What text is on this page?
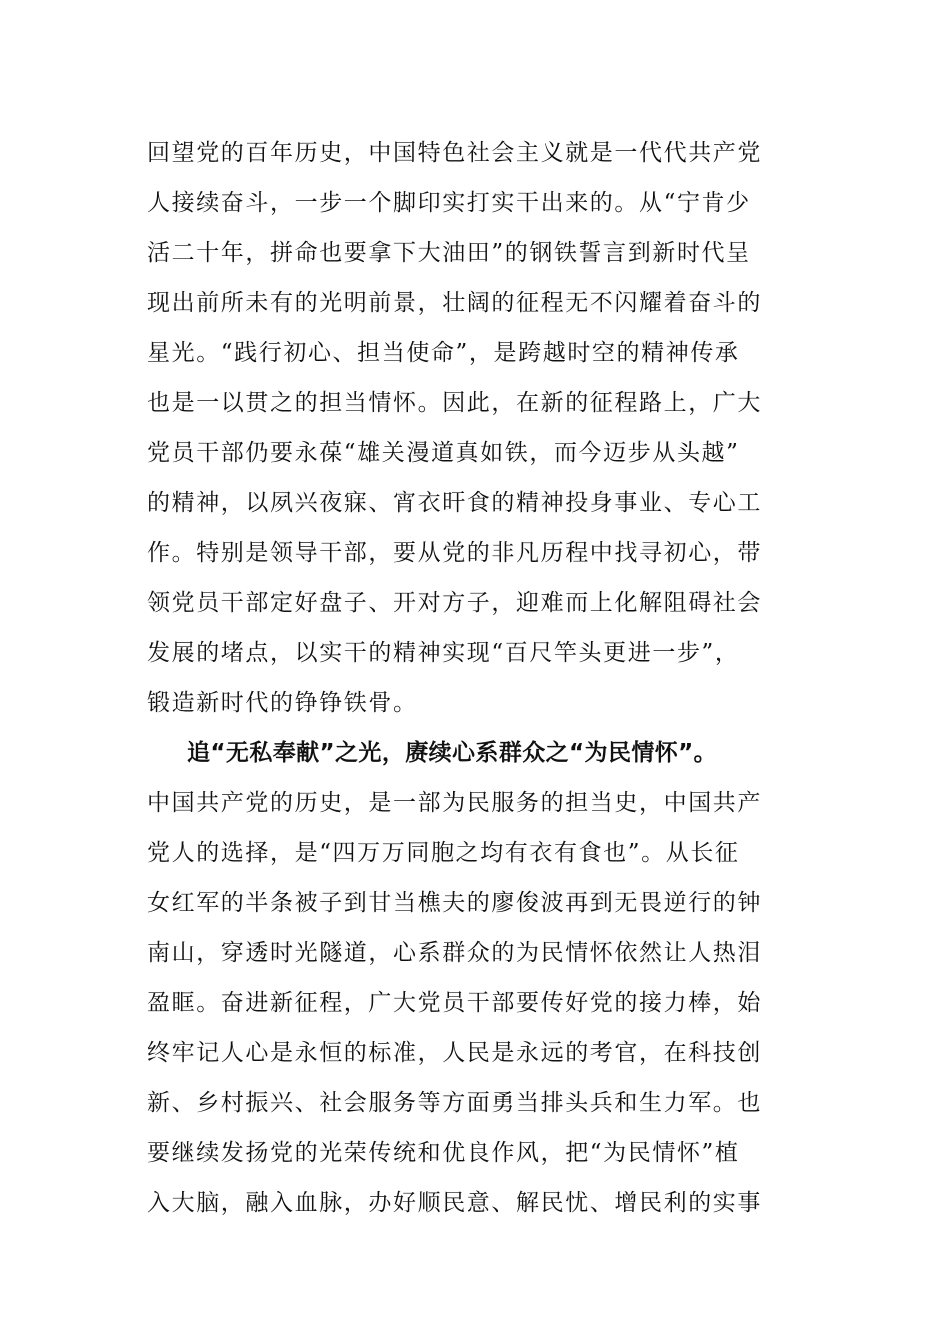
回望党的百年历史，中国特色社会主义就是一代代共产党
人接续奋斗，一步一个脚印实打实干出来的。从“宁肯少
活二十年，拼命也要拿下大油田”的钢铁誓言到新时代呈
现出前所未有的光明前景，壮阔的征程无不闪耀着奋斗的
星光。“践行初心、担当使命”，是跨越时空的精神传承
也是一以贯之的担当情怀。因此，在新的征程路上，广大
党员干部仍要永葆“雄关漫道真如铁，而今迈步从头越”
的精神，以夙兴夜寐、宵衣旰食的精神投身事业、专心工
作。特别是领导干部，要从党的非凡历程中找寻初心，带
领党员干部定好盘子、开对方子，迎难而上化解阻碍社会
发展的堵点，以实干的精神实现“百尺竿头更进一步”，
锻造新时代的铮铮铁骨。
追“无私奉献”之光，赓续心系群众之“为民情怀”。
中国共产党的历史，是一部为民服务的担当史，中国共产
党人的选择，是“四万万同胞之均有衣有食也”。从长征
女红军的半条被子到甘当樵夫的廖俊波再到无畏逆行的钟
南山，穿透时光隧道，心系群众的为民情怀依然让人热泪
盈眶。奋进新征程，广大党员干部要传好党的接力棒，始
终牢记人心是永恒的标准，人民是永远的考官，在科技创
新、乡村振兴、社会服务等方面勇当排头兵和生力军。也
要继续发扬党的光荣传统和优良作风，把“为民情怀”植
入大脑，融入血脉，办好顺民意、解民忧、增民利的实事
